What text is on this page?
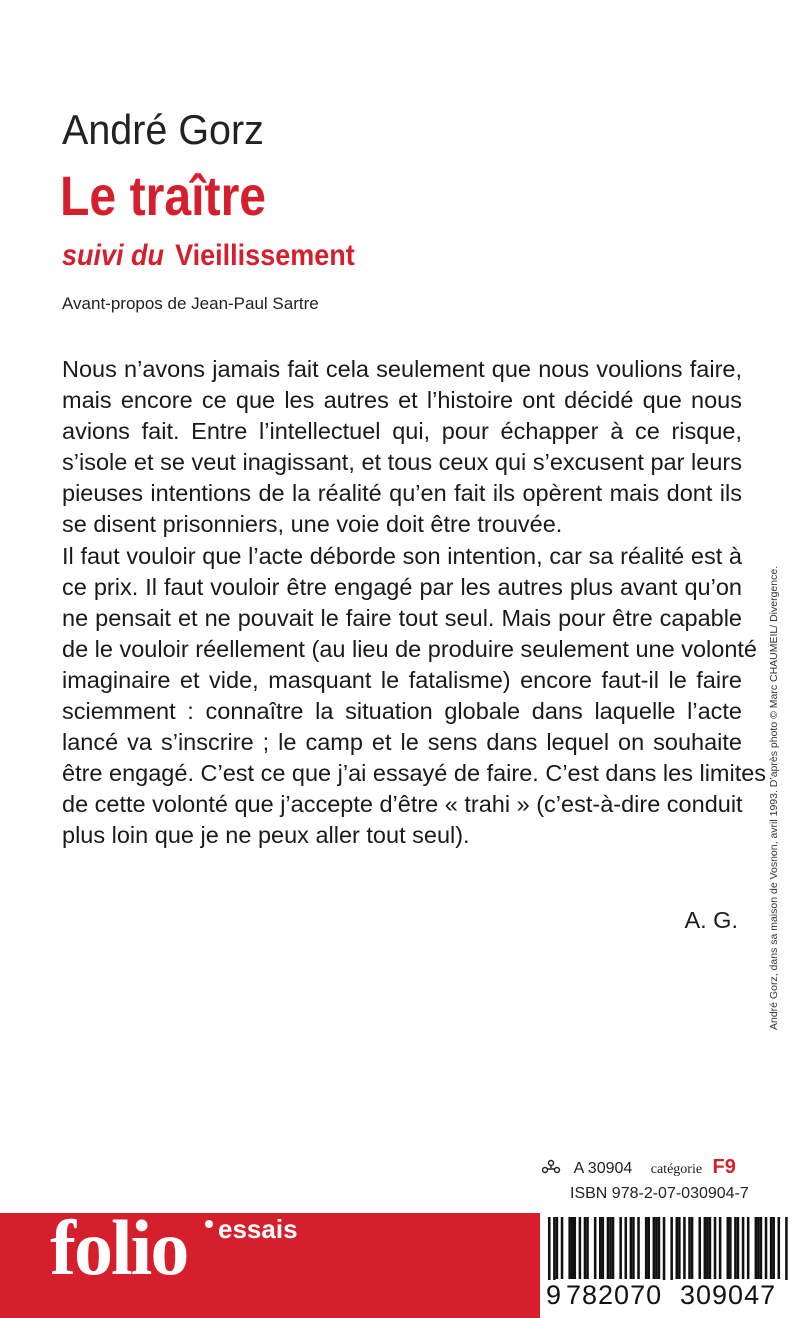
André Gorz
Le traître
suivi du Vieillissement
Avant-propos de Jean-Paul Sartre

Nous n’avons jamais fait cela seulement que nous voulions faire,
mais encore ce que les autres et l’histoire ont décidé que nous
avions fait. Entre l’intellectuel qui, pour échapper à ce risque,
s’isole et se veut inagissant, et tous ceux qui s’excusent par leurs
pieuses intentions de la réalité qu’en fait ils opèrent mais dont ils
se disent prisonniers, une voie doit être trouvée.

Il faut vouloir que l’acte déborde son intention, car sa réalité est à
ce prix. Il faut vouloir être engagé par les autres plus avant qu’on
ne pensait et ne pouvait le faire tout seul. Mais pour être capable
de le vouloir réellement (au lieu de produire seulement une volonté
imaginaire et vide, masquant le fatalisme) encore faut-il le faire
sciemment : connaître la situation globale dans laquelle l’acte
lancé va s’inscrire ; le camp et le sens dans lequel on souhaite
être engagé. C’est ce que j’ai essayé de faire. C’est dans les limites
de cette volonté que j’accepte d’être « trahi » (c’est-à-dire conduit
plus loin que je ne peux aller tout seul).

A. G.	André Gorz, dans sa maison de Vosnon, avril 1993. D’après photo © Marc CHAUMEIL/ Divergence.
A 30904 catégorie F9
ISBN 978-2-07-030904-7
folio essais
9 782070 309047
